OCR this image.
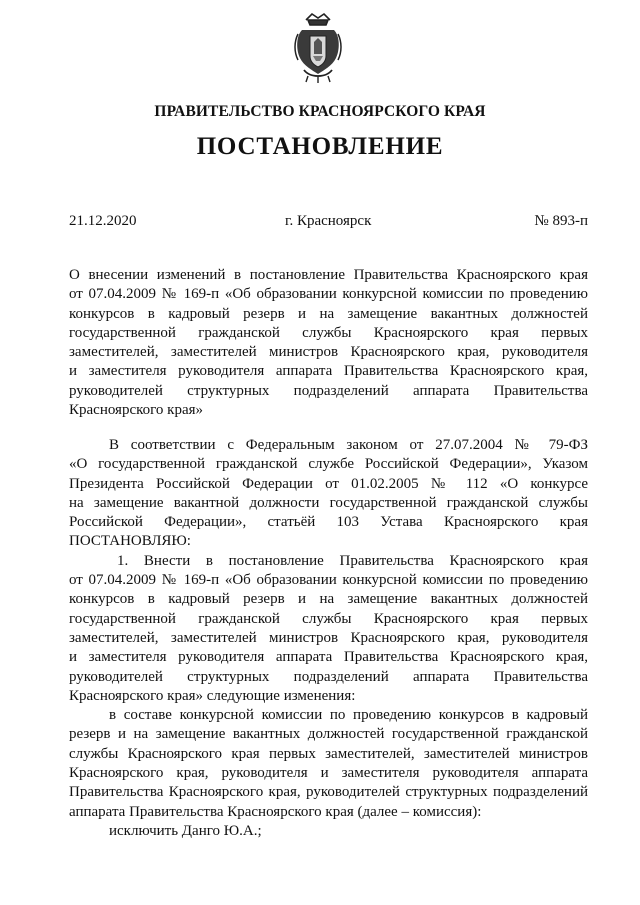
ПРАВИТЕЛЬСТВО КРАСНОЯРСКОГО КРАЯ
ПОСТАНОВЛЕНИЕ
21.12.2020	г. Красноярск	№ 893-п
О внесении изменений в постановление Правительства Красноярского края
от 07.04.2009 № 169-п «Об образовании конкурсной комиссии по проведению
конкурсов в кадровый резерв и на замещение вакантных должностей
государственной гражданской службы Красноярского края первых
заместителей, заместителей министров Красноярского края, руководителя
и заместителя руководителя аппарата Правительства Красноярского края,
руководителей структурных подразделений аппарата Правительства
Красноярского края»
В соответствии с Федеральным законом от 27.07.2004 № 79-ФЗ
«О государственной гражданской службе Российской Федерации», Указом
Президента Российской Федерации от 01.02.2005 № 112 «О конкурсе
на замещение вакантной должности государственной гражданской службы
Российской Федерации», статьёй 103 Устава Красноярского края
ПОСТАНОВЛЯЮ:
1. Внести в постановление Правительства Красноярского края
от 07.04.2009 № 169-п «Об образовании конкурсной комиссии по проведению
конкурсов в кадровый резерв и на замещение вакантных должностей
государственной гражданской службы Красноярского края первых
заместителей, заместителей министров Красноярского края, руководителя
и заместителя руководителя аппарата Правительства Красноярского края,
руководителей структурных подразделений аппарата Правительства
Красноярского края» следующие изменения:
в составе конкурсной комиссии по проведению конкурсов в кадровый
резерв и на замещение вакантных должностей государственной гражданской
службы Красноярского края первых заместителей, заместителей министров
Красноярского края, руководителя и заместителя руководителя аппарата
Правительства Красноярского края, руководителей структурных подразделений
аппарата Правительства Красноярского края (далее – комиссия):
исключить Данго Ю.А.;
